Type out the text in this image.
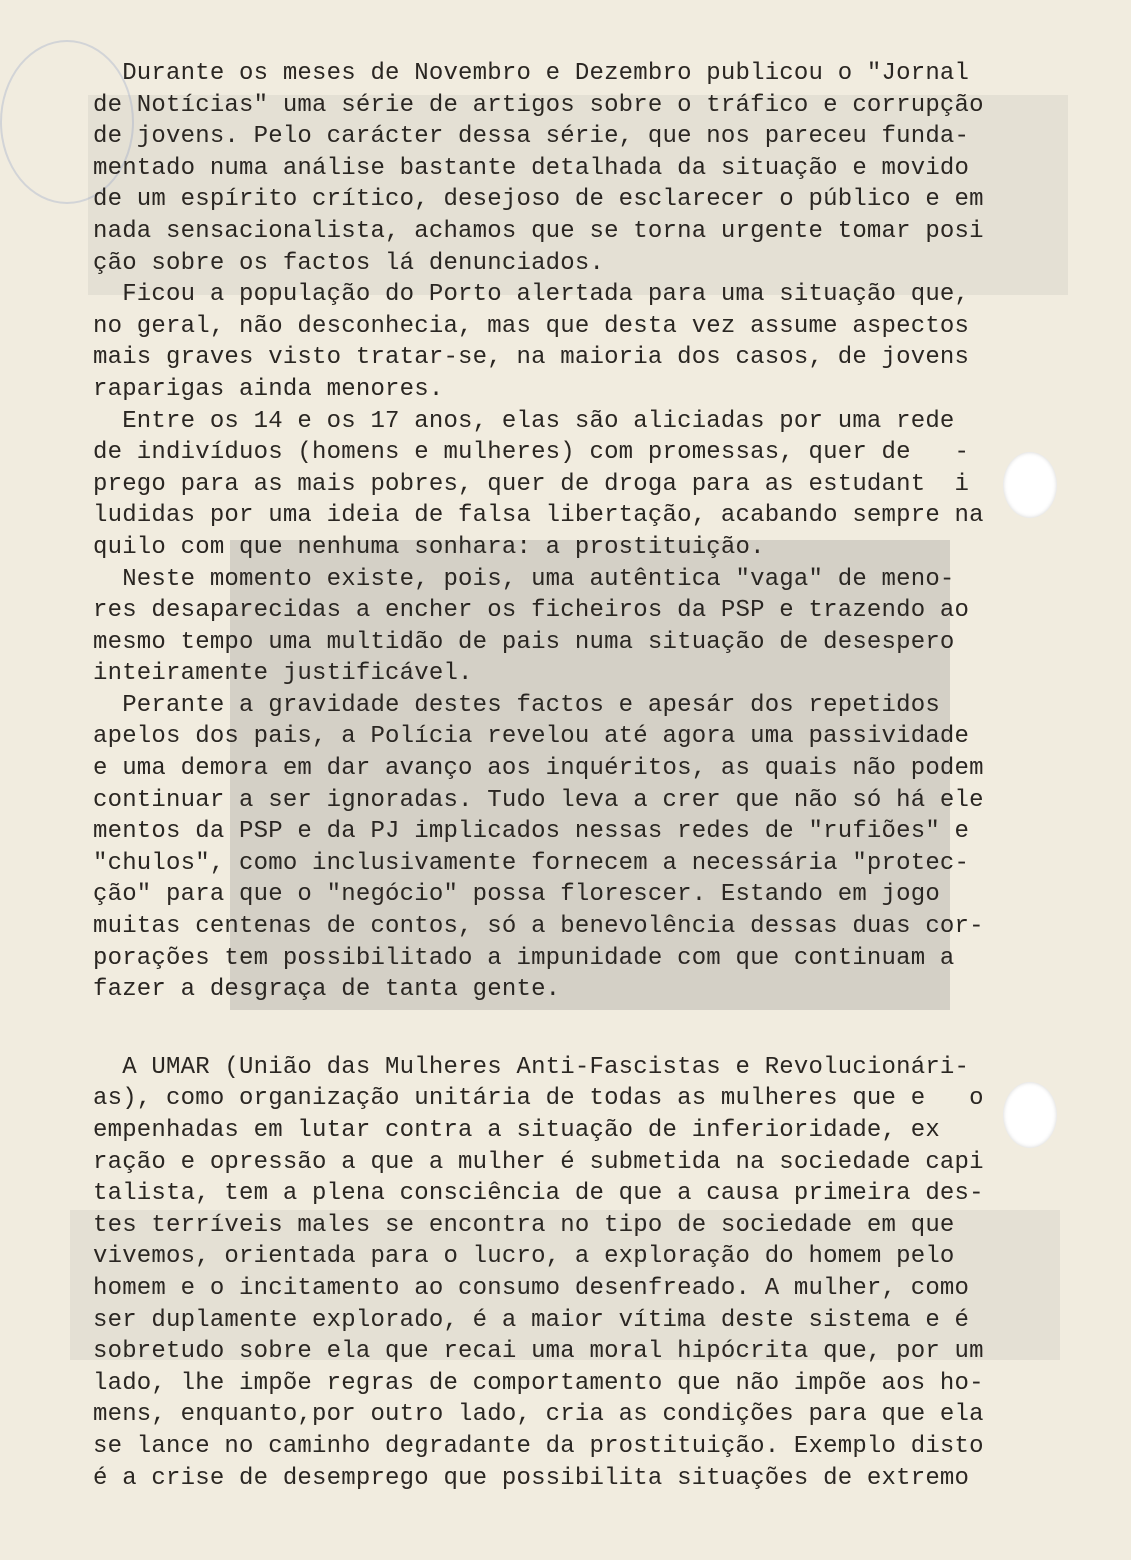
Durante os meses de Novembro e Dezembro publicou o "Jornal
de Notícias" uma série de artigos sobre o tráfico e corrupção
de jovens. Pelo carácter dessa série, que nos pareceu funda-
mentado numa análise bastante detalhada da situação e movido
de um espírito crítico, desejoso de esclarecer o público e em
nada sensacionalista, achamos que se torna urgente tomar posi
ção sobre os factos lá denunciados.
Ficou a população do Porto alertada para uma situação que,
no geral, não desconhecia, mas que desta vez assume aspectos
mais graves visto tratar-se, na maioria dos casos, de jovens
raparigas ainda menores.
Entre os 14 e os 17 anos, elas são aliciadas por uma rede
de indivíduos (homens e mulheres) com promessas, quer de   -
prego para as mais pobres, quer de droga para as estudant  i
ludidas por uma ideia de falsa libertação, acabando sempre na
quilo com que nenhuma sonhara: a prostituição.
Neste momento existe, pois, uma autêntica "vaga" de meno-
res desaparecidas a encher os ficheiros da PSP e trazendo ao
mesmo tempo uma multidão de pais numa situação de desespero
inteiramente justificável.
Perante a gravidade destes factos e apesár dos repetidos
apelos dos pais, a Polícia revelou até agora uma passividade
e uma demora em dar avanço aos inquéritos, as quais não podem
continuar a ser ignoradas. Tudo leva a crer que não só há ele
mentos da PSP e da PJ implicados nessas redes de "rufiões" e
"chulos", como inclusivamente fornecem a necessária "protec-
ção" para que o "negócio" possa florescer. Estando em jogo
muitas centenas de contos, só a benevolência dessas duas cor-
porações tem possibilitado a impunidade com que continuam a
fazer a desgraça de tanta gente.
A UMAR (União das Mulheres Anti-Fascistas e Revolucionári-
as), como organização unitária de todas as mulheres que e   o
empenhadas em lutar contra a situação de inferioridade, ex
ração e opressão a que a mulher é submetida na sociedade capi
talista, tem a plena consciência de que a causa primeira des-
tes terríveis males se encontra no tipo de sociedade em que
vivemos, orientada para o lucro, a exploração do homem pelo
homem e o incitamento ao consumo desenfreado. A mulher, como
ser duplamente explorado, é a maior vítima deste sistema e é
sobretudo sobre ela que recai uma moral hipócrita que, por um
lado, lhe impõe regras de comportamento que não impõe aos ho-
mens, enquanto,por outro lado, cria as condições para que ela
se lance no caminho degradante da prostituição. Exemplo disto
é a crise de desemprego que possibilita situações de extremo
